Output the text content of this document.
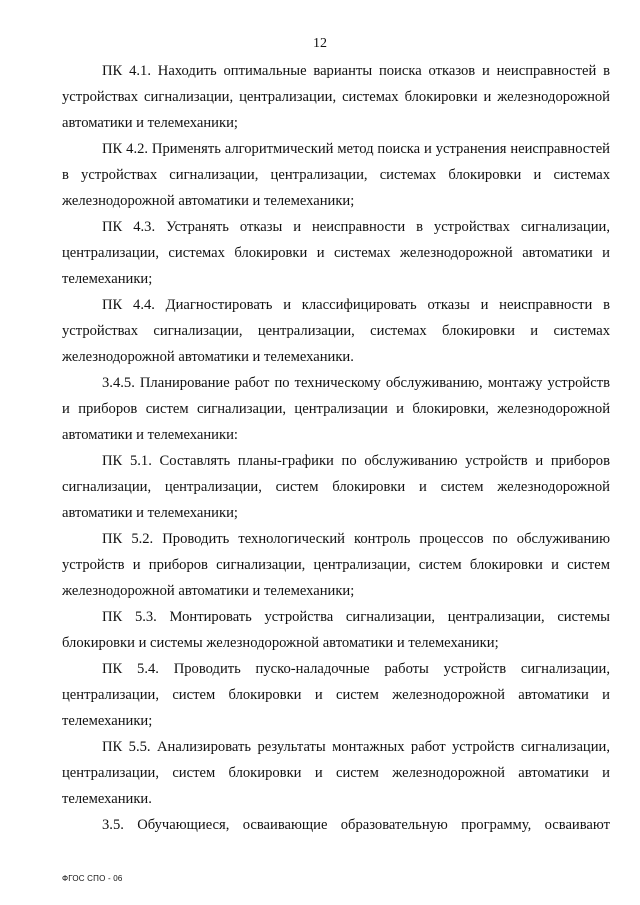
12

ПК 4.1. Находить оптимальные варианты поиска отказов и неисправностей в устройствах сигнализации, централизации, системах блокировки и железнодорожной автоматики и телемеханики;

ПК 4.2. Применять алгоритмический метод поиска и устранения неисправностей в устройствах сигнализации, централизации, системах блокировки и системах железнодорожной автоматики и телемеханики;

ПК 4.3. Устранять отказы и неисправности в устройствах сигнализации, централизации, системах блокировки и системах железнодорожной автоматики и телемеханики;

ПК 4.4. Диагностировать и классифицировать отказы и неисправности в устройствах сигнализации, централизации, системах блокировки и системах железнодорожной автоматики и телемеханики.

3.4.5. Планирование работ по техническому обслуживанию, монтажу устройств и приборов систем сигнализации, централизации и блокировки, железнодорожной автоматики и телемеханики:

ПК 5.1. Составлять планы-графики по обслуживанию устройств и приборов сигнализации, централизации, систем блокировки и систем железнодорожной автоматики и телемеханики;

ПК 5.2. Проводить технологический контроль процессов по обслуживанию устройств и приборов сигнализации, централизации, систем блокировки и систем железнодорожной автоматики и телемеханики;

ПК 5.3. Монтировать устройства сигнализации, централизации, системы блокировки и системы железнодорожной автоматики и телемеханики;

ПК 5.4. Проводить пуско-наладочные работы устройств сигнализации, централизации, систем блокировки и систем железнодорожной автоматики и телемеханики;

ПК 5.5. Анализировать результаты монтажных работ устройств сигнализации, централизации, систем блокировки и систем железнодорожной автоматики и телемеханики.

3.5. Обучающиеся, осваивающие образовательную программу, осваивают

ФГОС СПО - 06
